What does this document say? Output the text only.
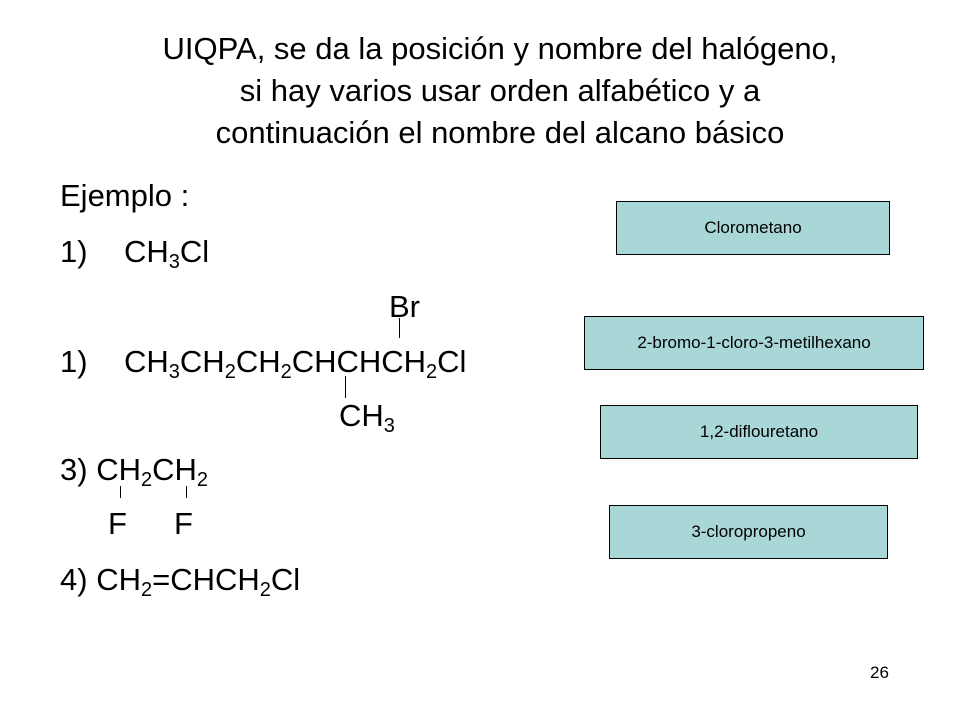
UIQPA, se da la posición y nombre del halógeno,
si hay varios usar orden alfabético y a
continuación el nombre del alcano básico
Ejemplo :
1) $CH_3Cl$
Br
1) $CH_3CH_2CH_2CHCHCH_2Cl$
$CH_3$
3) $CH_2CH_2$
F F
4) $CH_2=CHCH_2Cl$
Clorometano
2-bromo-1-cloro-3-metilhexano
1,2-diflouretano
3-cloropropeno
26
